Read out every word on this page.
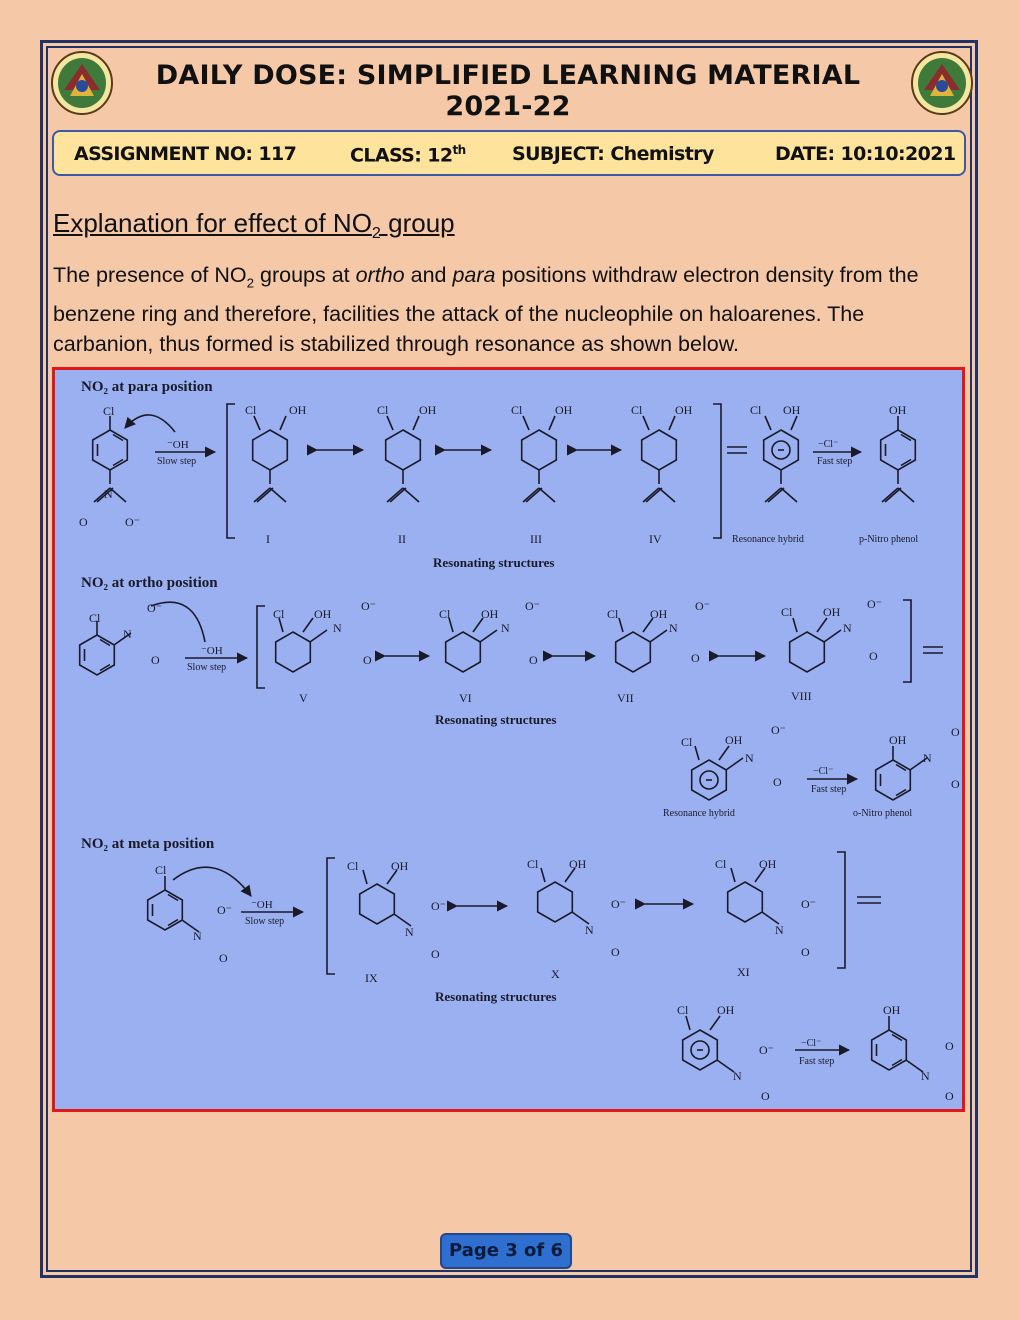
DAILY DOSE: SIMPLIFIED LEARNING MATERIAL 2021-22
ASSIGNMENT NO: 117	CLASS: 12th SUBJECT: Chemistry	DATE: 10:10:2021
Explanation for effect of $NO_2$ group
The presence of $NO_2$ groups at ortho and para positions withdraw electron density from the benzene ring and therefore, facilities the attack of the nucleophile on haloarenes. The carbanion, thus formed is stabilized through resonance as shown below.
NO₂ at para position
Cl
N
O	O⁻
⁻OH
Slow step
Cl	OH	Cl	OH	Cl	OH	Cl	OH
I	II	III	IV
Resonating structures
Cl OH
Resonance hybrid
−Cl⁻
Fast step
OH
p-Nitro phenol
NO₂ at ortho position
Cl
N
O⁻
O
⁻OH
Slow step
Cl OH
N
O⁻
O
Cl	OH
N
O⁻
O
Cl	OH
N
O⁻
O
Cl	OH
N
O⁻
O
V	VI	VII	VIII
Resonating structures
Cl	OH
N
O⁻
O
Resonance hybrid
−Cl⁻
Fast step
OH
N
O
O
o-Nitro phenol
NO₂ at meta position
Cl
N
O⁻
O
⁻OH
Slow step
Cl	OH
N
O⁻
O
Cl	OH
N
O⁻
O
Cl	OH
N
O⁻
O
IX	X	XI
Resonating structures
Cl OH
N
O⁻
O
−Cl⁻
Fast step
OH
N
O
O
Page 3 of 6
